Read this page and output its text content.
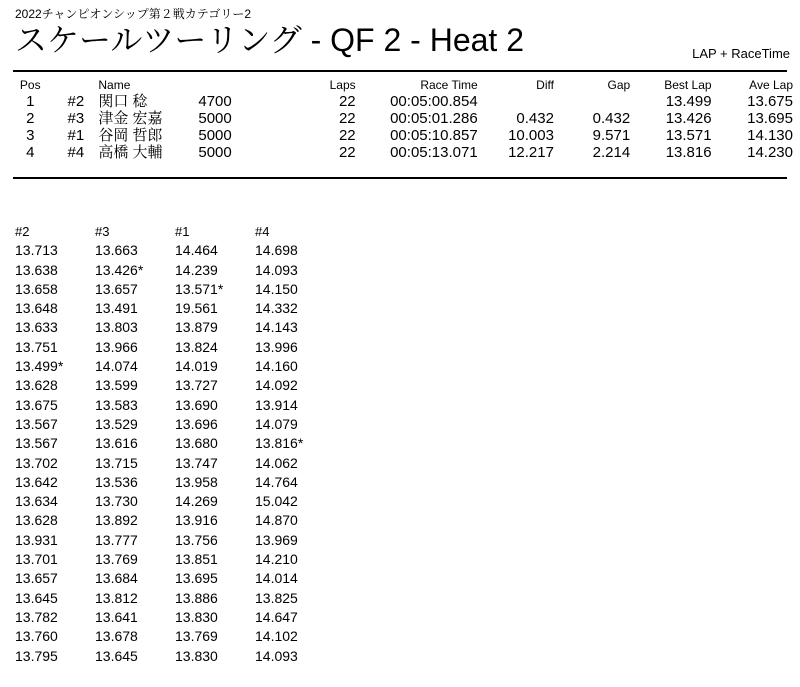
2022チャンピオンシップ第２戦カテゴリー2
スケールツーリング - QF 2 - Heat 2	LAP + RaceTime
Pos		Name	Laps	Race Time	Diff	Gap	Best Lap	Ave Lap
1	#2	関口 稔 4700	22	00:05:00.854			13.499	13.675
2	#3	津金 宏嘉 5000	22	00:05:01.286	0.432	0.432	13.426	13.695
3	#1	谷岡 哲郎 5000	22	00:05:10.857	10.003	9.571	13.571	14.130
4	#4	高橋 大輔 5000	22	00:05:13.071	12.217	2.214	13.816	14.230
#2	#3	#1	#4
13.713	13.663	14.464	14.698
13.638	13.426*	14.239	14.093
13.658	13.657	13.571*	14.150
13.648	13.491	19.561	14.332
13.633	13.803	13.879	14.143
13.751	13.966	13.824	13.996
13.499*	14.074	14.019	14.160
13.628	13.599	13.727	14.092
13.675	13.583	13.690	13.914
13.567	13.529	13.696	14.079
13.567	13.616	13.680	13.816*
13.702	13.715	13.747	14.062
13.642	13.536	13.958	14.764
13.634	13.730	14.269	15.042
13.628	13.892	13.916	14.870
13.931	13.777	13.756	13.969
13.701	13.769	13.851	14.210
13.657	13.684	13.695	14.014
13.645	13.812	13.886	13.825
13.782	13.641	13.830	14.647
13.760	13.678	13.769	14.102
13.795	13.645	13.830	14.093
